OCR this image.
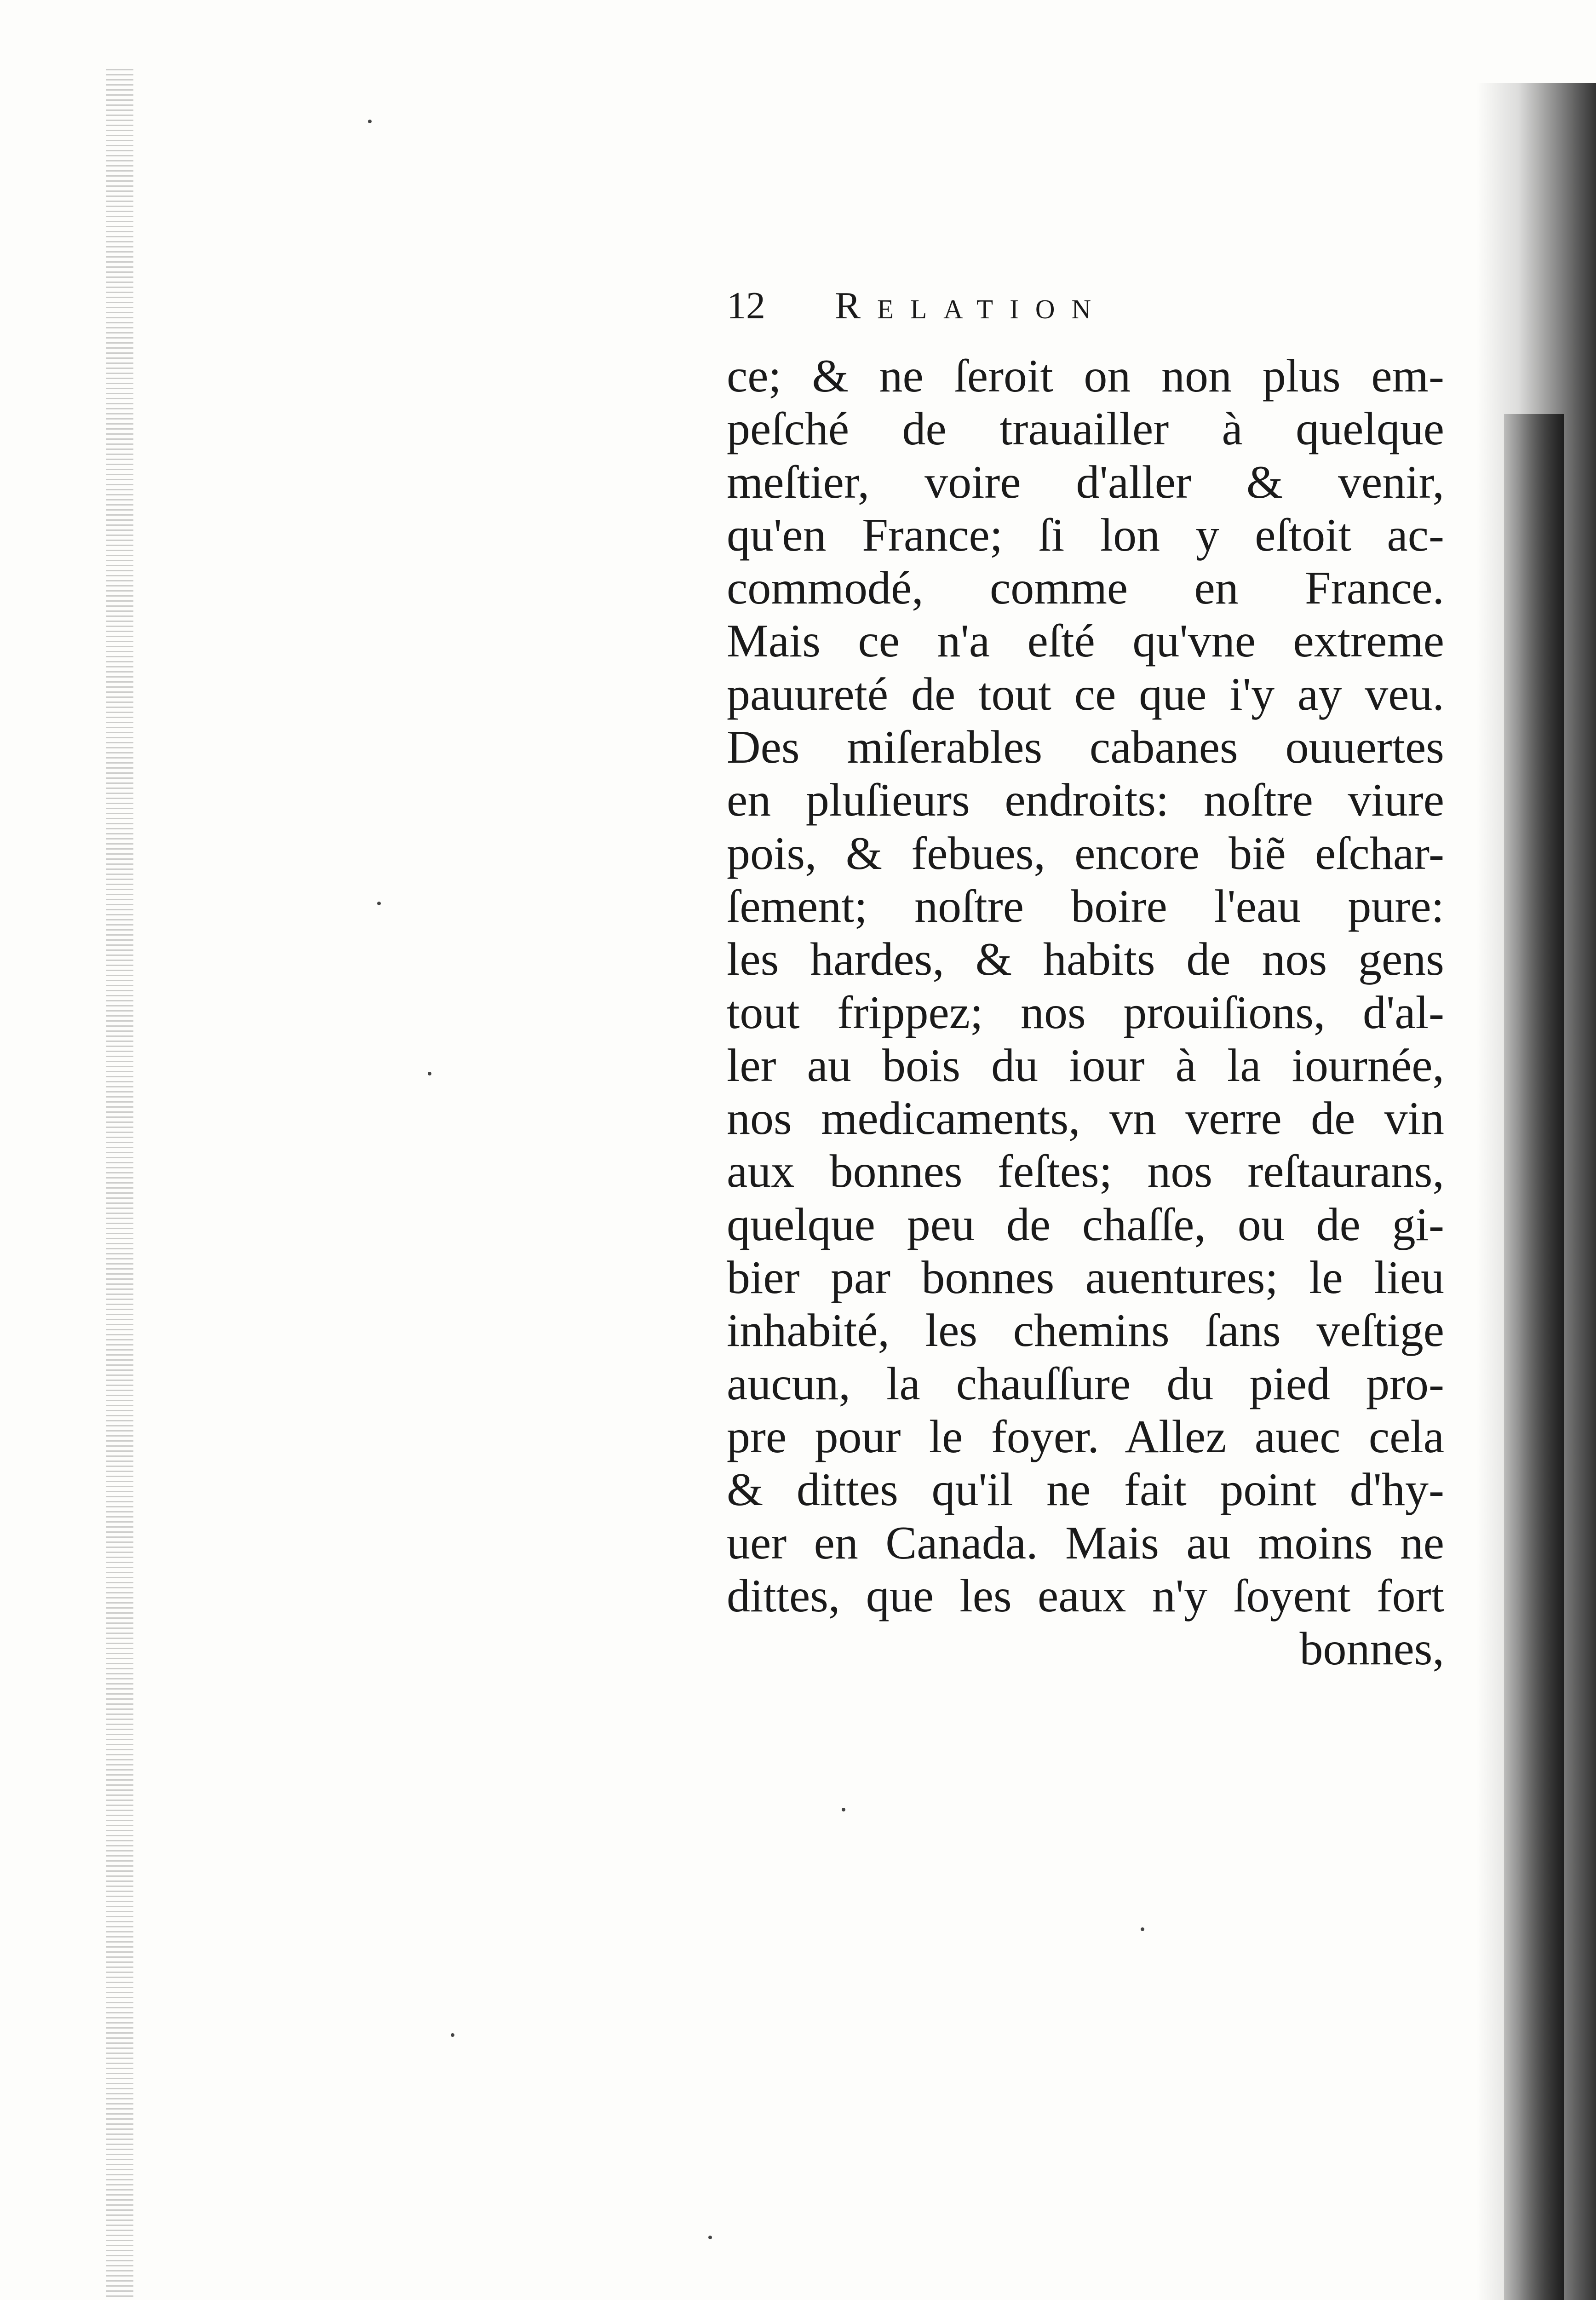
12 Relation
ce; & ne ſeroit on non plus em-
peſché de trauailler à quelque
meſtier, voire d'aller & venir,
qu'en France; ſi lon y eſtoit ac-
commodé, comme en France.
Mais ce n'a eſté qu'vne extreme
pauureté de tout ce que i'y ay veu.
Des miſerables cabanes ouuertes
en pluſieurs endroits: noſtre viure
pois, & febues, encore biẽ eſchar-
ſement; noſtre boire l'eau pure:
les hardes, & habits de nos gens
tout frippez; nos prouiſions, d'al-
ler au bois du iour à la iournée,
nos medicaments, vn verre de vin
aux bonnes feſtes; nos reſtaurans,
quelque peu de chaſſe, ou de gi-
bier par bonnes auentures; le lieu
inhabité, les chemins ſans veſtige
aucun, la chauſſure du pied pro-
pre pour le foyer. Allez auec cela
& dittes qu'il ne fait point d'hy-
uer en Canada. Mais au moins ne
dittes, que les eaux n'y ſoyent fort
bonnes,
